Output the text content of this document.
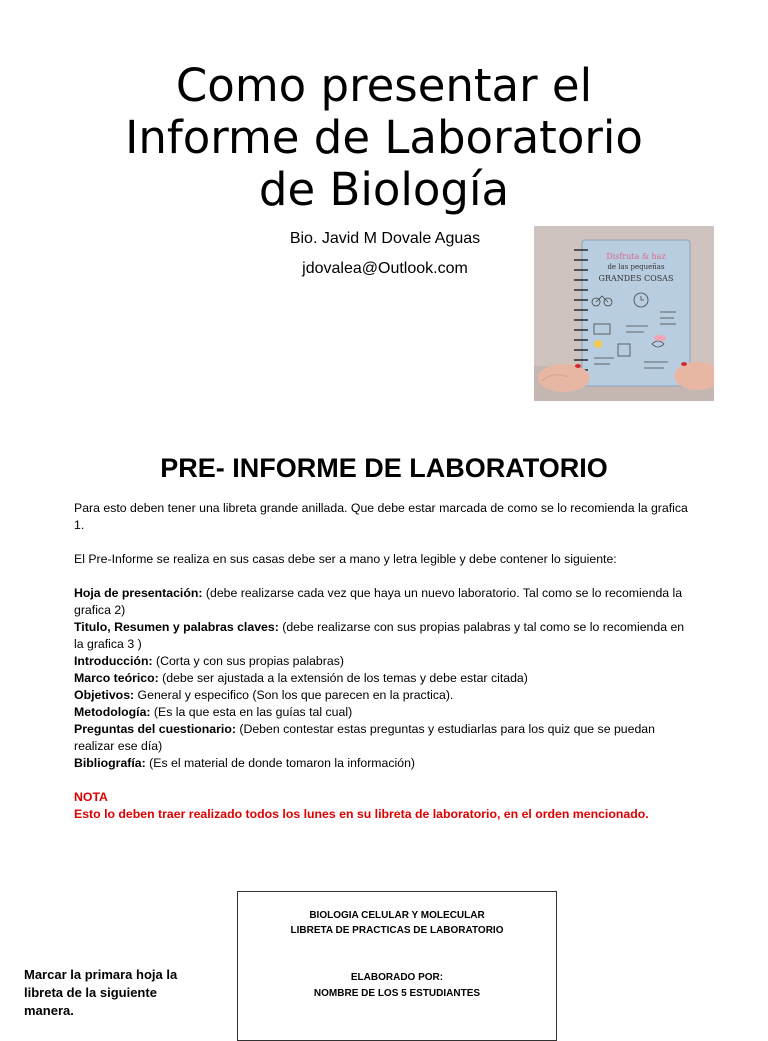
Como presentar el
Informe de Laboratorio
de Biología
Bio. Javid M Dovale Aguas
jdovalea@Outlook.com
Disfruta & haz
de las pequeñas
GRANDES COSAS
PRE- INFORME DE LABORATORIO

Para esto deben tener una libreta grande anillada. Que debe estar marcada de como se lo recomienda la grafica 1.

El Pre-Informe se realiza en sus casas debe ser a mano y letra legible y debe contener lo siguiente:

Hoja de presentación: (debe realizarse cada vez que haya un nuevo laboratorio. Tal como se lo recomienda la grafica 2)

Titulo, Resumen y palabras claves: (debe realizarse con sus propias palabras y tal como se lo recomienda en la grafica 3 )

Introducción: (Corta y con sus propias palabras)

Marco teórico: (debe ser ajustada a la extensión de los temas y debe estar citada)

Objetivos: General y especifico (Son los que parecen en la practica).

Metodología: (Es la que esta en las guías tal cual)

Preguntas del cuestionario: (Deben contestar estas preguntas y estudiarlas para los quiz que se puedan realizar ese día)

Bibliografía: (Es el material de donde tomaron la información)

NOTA

Esto lo deben traer realizado todos los lunes en su libreta de laboratorio, en el orden mencionado.

BIOLOGIA CELULAR Y MOLECULAR
LIBRETA DE PRACTICAS DE LABORATORIO
ELABORADO POR:
NOMBRE DE LOS 5 ESTUDIANTES
Marcar la primara hoja la libreta de la siguiente manera.
